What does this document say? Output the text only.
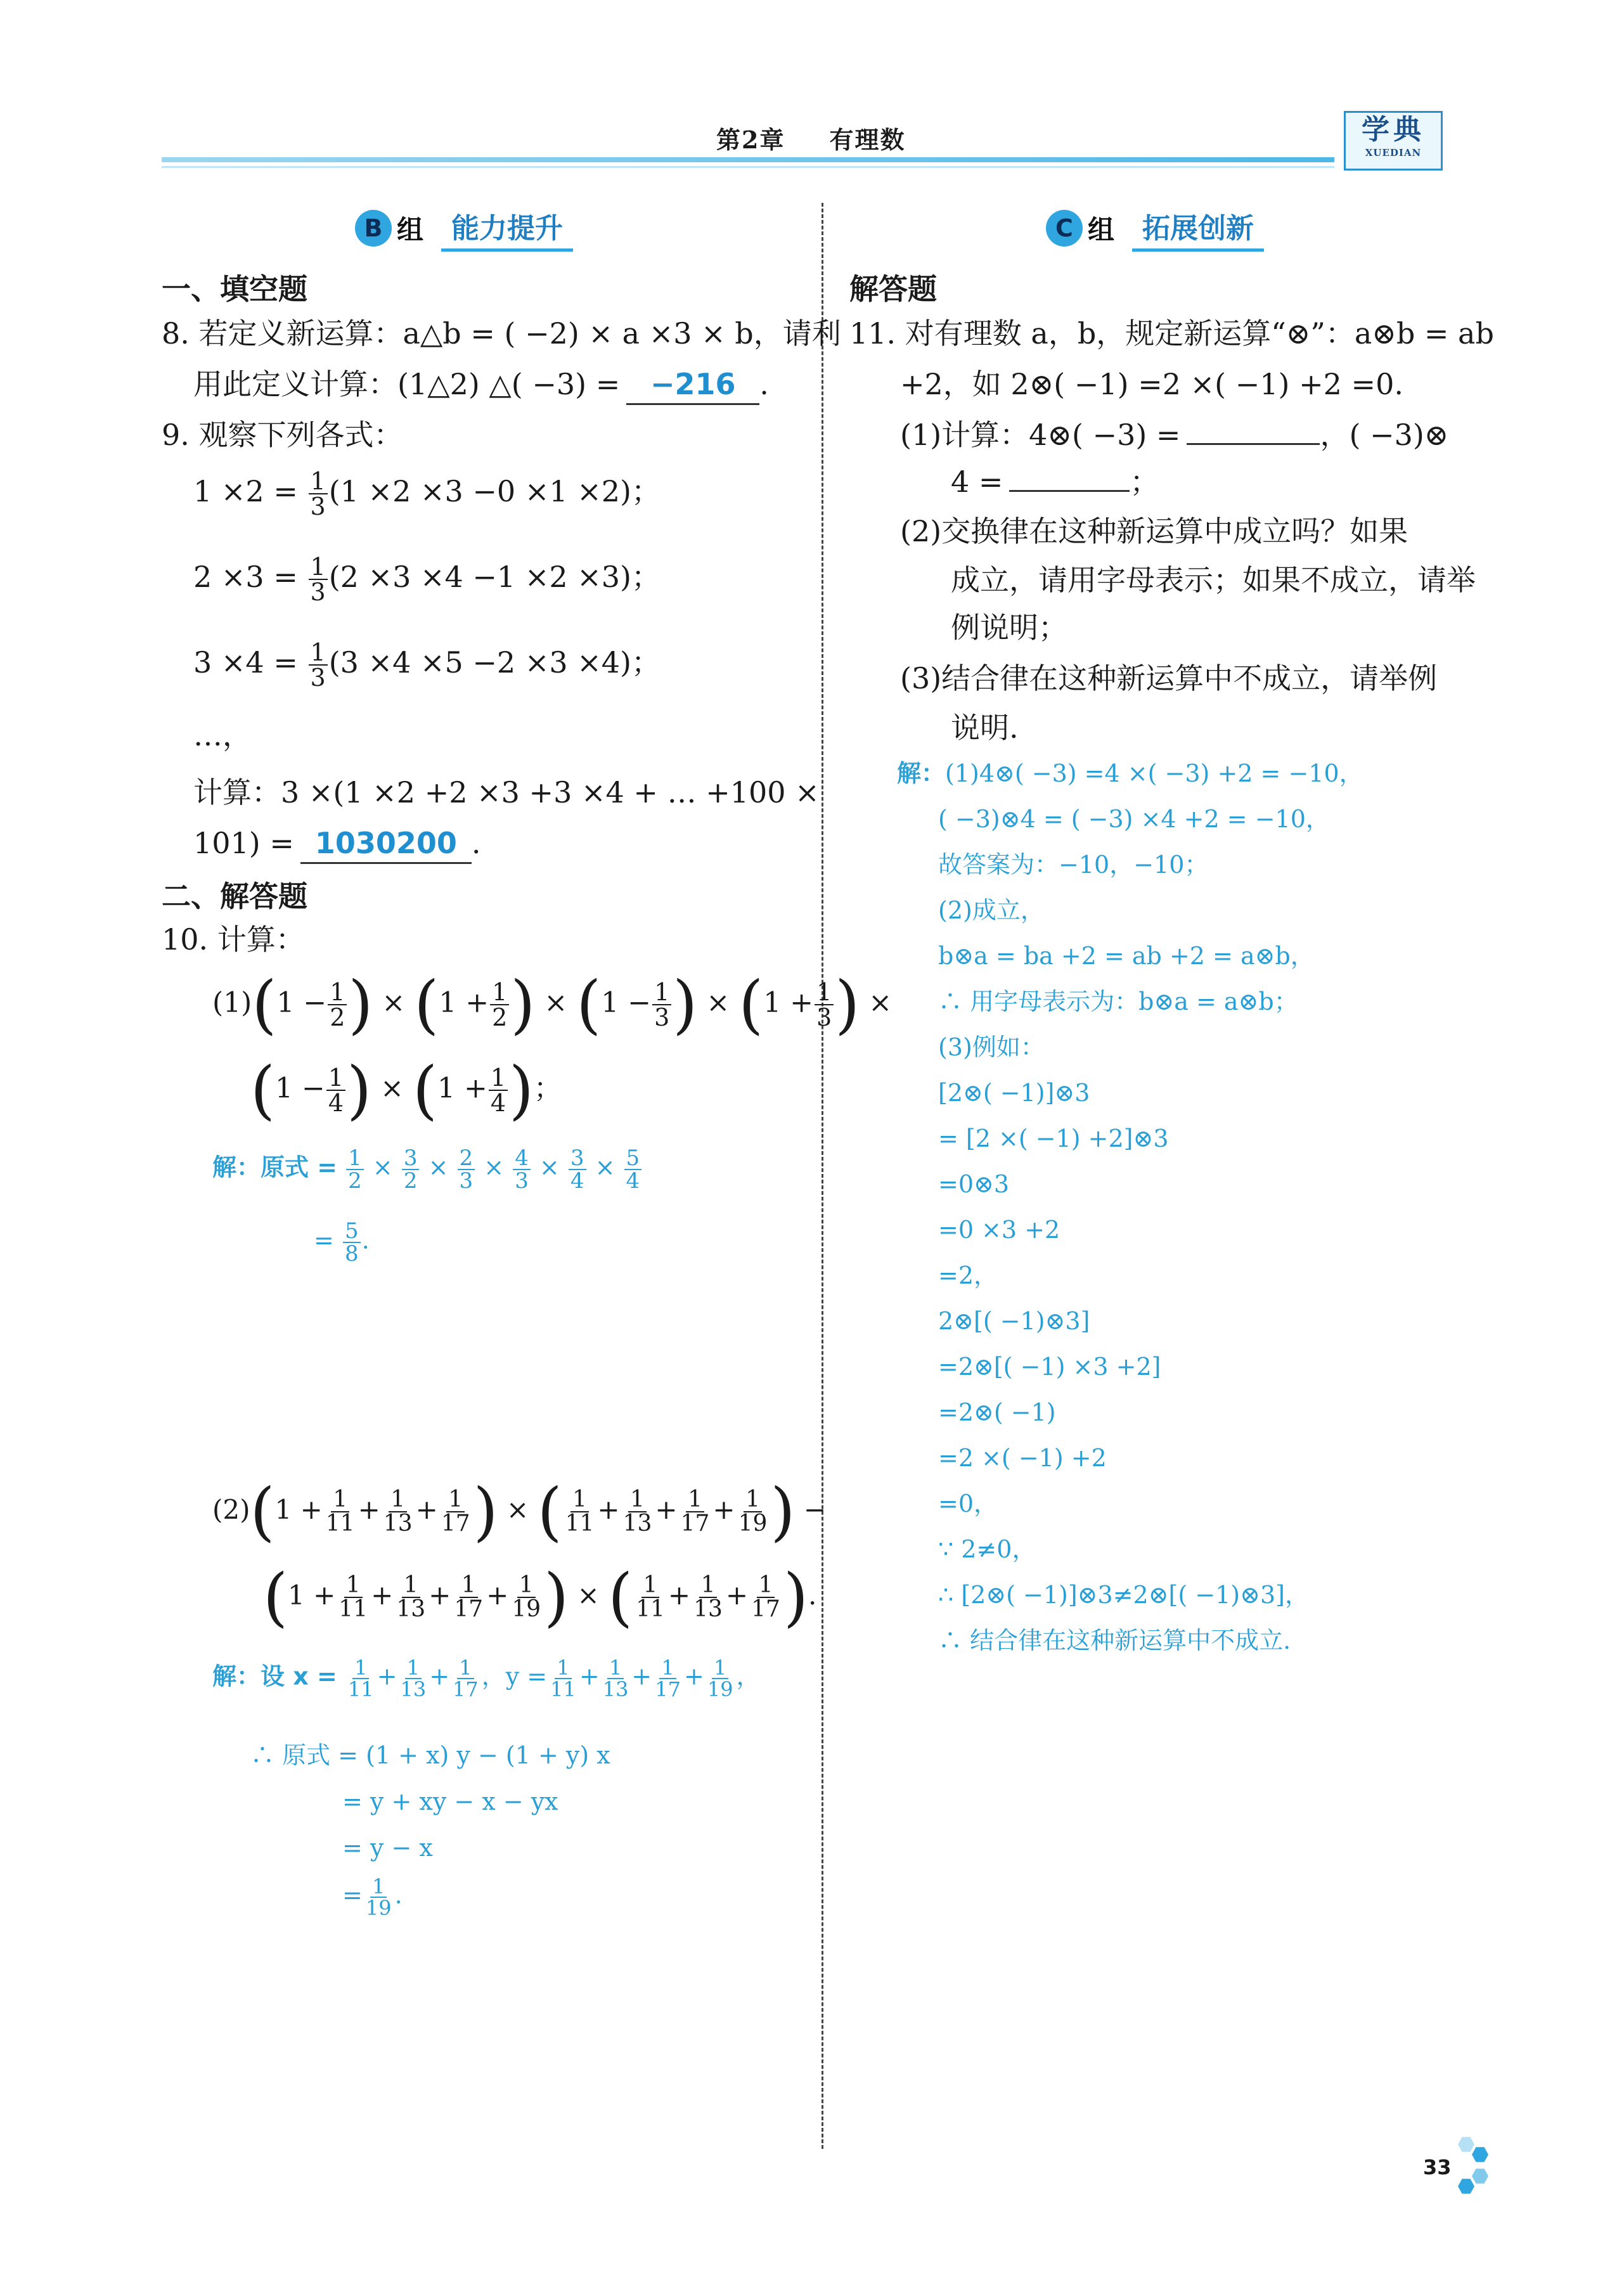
第2章 有理数	学典
XUEDIAN
B 组	能力提升
一、填空题
8. 若定义新运算：a△b = ( −2) × a ×3 × b，请利
用此定义计算：(1△2) △( −3) = −216 .
9. 观察下列各式：
$1 \times 2 = \frac{1}{3} (1 \times 2 \times 3 -0 \times 1 \times 2)$；
$2 \times 3 = \frac{1}{3} (2 \times 3 \times 4 -1 \times 2 \times 3)$；
$3 \times 4 = \frac{1}{3} (3 \times 4 \times 5 -2 \times 3 \times 4)$；
…，
计算：3 ×(1 ×2 +2 ×3 +3 ×4 + … +100 ×
101) = 1030200 .
二、解答题
10. 计算：
$(1)(1 - \frac{1}{2}$ ) × ($1 + \frac{1}{2}$ ) × ($1 - \frac{1}{3}$ ) × ($1 + \frac{1}{3}$ ) ×
($1 - \frac{1}{4}$ ) × ($1 + \frac{1}{4}$ )；
解：原式 = $\frac{1}{2} \times \frac{3}{2} \times \frac{2}{3} \times \frac{4}{3} \times \frac{3}{4} \times \frac{5}{4}$
= $\frac{5}{8}$ .
$(2)(1 + \frac{1}{11} + \frac{1}{13} + \frac{1}{17}$ ) × ( $\frac{1}{11} + \frac{1}{13} + \frac{1}{17} + \frac{1}{19}$ ) −
($1 + \frac{1}{11} + \frac{1}{13} + \frac{1}{17} + \frac{1}{19}$ ) × ( $\frac{1}{11} + \frac{1}{13} + \frac{1}{17}$ ).
解：设 $x = \frac{1}{11} + \frac{1}{13} + \frac{1}{17}$ ，$y = \frac{1}{11} + \frac{1}{13} + \frac{1}{17} + \frac{1}{19}$ ，
∴ 原式 = (1 + x) y − (1 + y) x
= y + xy − x − yx
= y − x
= $\frac{1}{19}$ .
C 组	拓展创新
解答题
11. 对有理数 a，b，规定新运算“⊗”：a⊗b = ab
+2，如 2⊗( −1) =2 ×( −1) +2 =0.
(1)计算：4⊗( −3) =	，( −3)⊗
4 =	；
(2)交换律在这种新运算中成立吗？如果
成立，请用字母表示；如果不成立，请举
例说明；
(3)结合律在这种新运算中不成立，请举例
说明.
解：(1)4⊗( −3) =4 ×( −3) +2 = −10，
( −3)⊗4 = ( −3) ×4 +2 = −10，
故答案为：−10，−10；
(2)成立，
b⊗a = ba +2 = ab +2 = a⊗b，
∴ 用字母表示为：b⊗a = a⊗b；
(3)例如：
[2⊗( −1)]⊗3
= [2 ×( −1) +2]⊗3
=0⊗3
=0 ×3 +2
=2，
2⊗[( −1)⊗3]
=2⊗[( −1) ×3 +2]
=2⊗( −1)
=2 ×( −1) +2
=0，
∵ 2≠0，
∴ [2⊗( −1)]⊗3≠2⊗[( −1)⊗3]，
∴ 结合律在这种新运算中不成立.
33
